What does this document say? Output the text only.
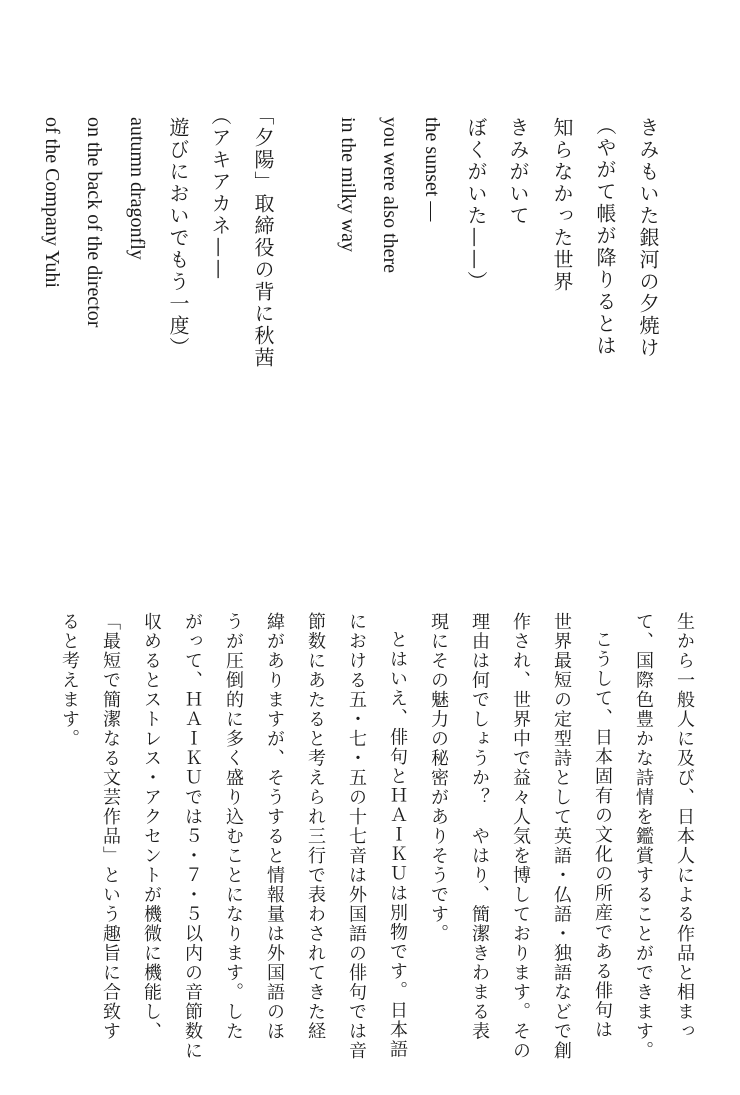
きみもいた銀河の夕焼け
（やがて帳が降りるとは
知らなかった世界
きみがいて
ぼくがいた——）
the sunset —
you were also there
in the milky way
「夕陽」取締役の背に秋茜
（アキアカネ——
遊びにおいでもう一度）
autumn dragonfly
on the back of the director
of the Company Yuhi
生から一般人に及び、日本人による作品と相まっ
て、国際色豊かな詩情を鑑賞することができます。
こうして、日本固有の文化の所産である俳句は
世界最短の定型詩として英語・仏語・独語などで創
作され、世界中で益々人気を博しております。その
理由は何でしょうか？　やはり、簡潔きわまる表
現にその魅力の秘密がありそうです。
とはいえ、俳句とＨＡＩＫＵは別物です。日本語
における五・七・五の十七音は外国語の俳句では音
節数にあたると考えられ三行で表わされてきた経
緯がありますが、そうすると情報量は外国語のほ
うが圧倒的に多く盛り込むことになります。した
がって、ＨＡＩＫＵでは５・７・５以内の音節数に
収めるとストレス・アクセントが機微に機能し、
「最短で簡潔なる文芸作品」という趣旨に合致す
ると考えます。
